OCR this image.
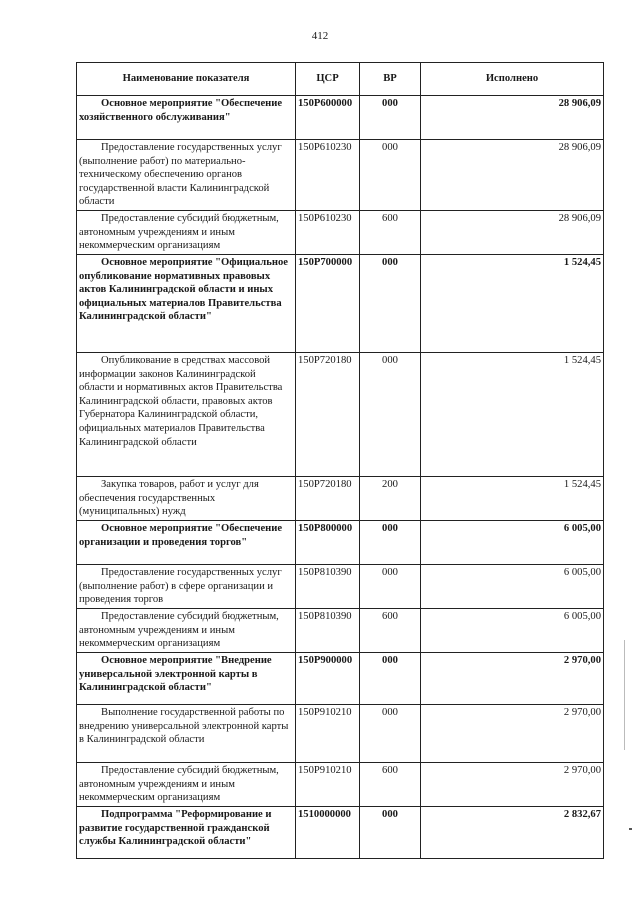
412
Наименование показателя	ЦСР	ВР	Исполнено
Основное мероприятие "Обеспечение хозяйственного обслуживания"	150P600000	000	28 906,09
Предоставление государственных услуг (выполнение работ) по материально-техническому обеспечению органов государственной власти Калининградской области	150P610230	000	28 906,09
Предоставление субсидий бюджетным, автономным учреждениям и иным некоммерческим организациям	150P610230	600	28 906,09
Основное мероприятие "Официальное опубликование нормативных правовых актов Калининградской области и иных официальных материалов Правительства Калининградской области"	150P700000	000	1 524,45
Опубликование в средствах массовой информации законов Калининградской области и нормативных актов Правительства Калининградской области, правовых актов Губернатора Калининградской области, официальных материалов Правительства Калининградской области	150P720180	000	1 524,45
Закупка товаров, работ и услуг для обеспечения государственных (муниципальных) нужд	150P720180	200	1 524,45
Основное мероприятие "Обеспечение организации и проведения торгов"	150P800000	000	6 005,00
Предоставление государственных услуг (выполнение работ) в сфере организации и проведения торгов	150P810390	000	6 005,00
Предоставление субсидий бюджетным, автономным учреждениям и иным некоммерческим организациям	150P810390	600	6 005,00
Основное мероприятие "Внедрение универсальной электронной карты в Калининградской области"	150P900000	000	2 970,00
Выполнение государственной работы по внедрению универсальной электронной карты в Калининградской области	150P910210	000	2 970,00
Предоставление субсидий бюджетным, автономным учреждениям и иным некоммерческим организациям	150P910210	600	2 970,00
Подпрограмма "Реформирование и развитие государственной гражданской службы Калининградской области"	1510000000	000	2 832,67
